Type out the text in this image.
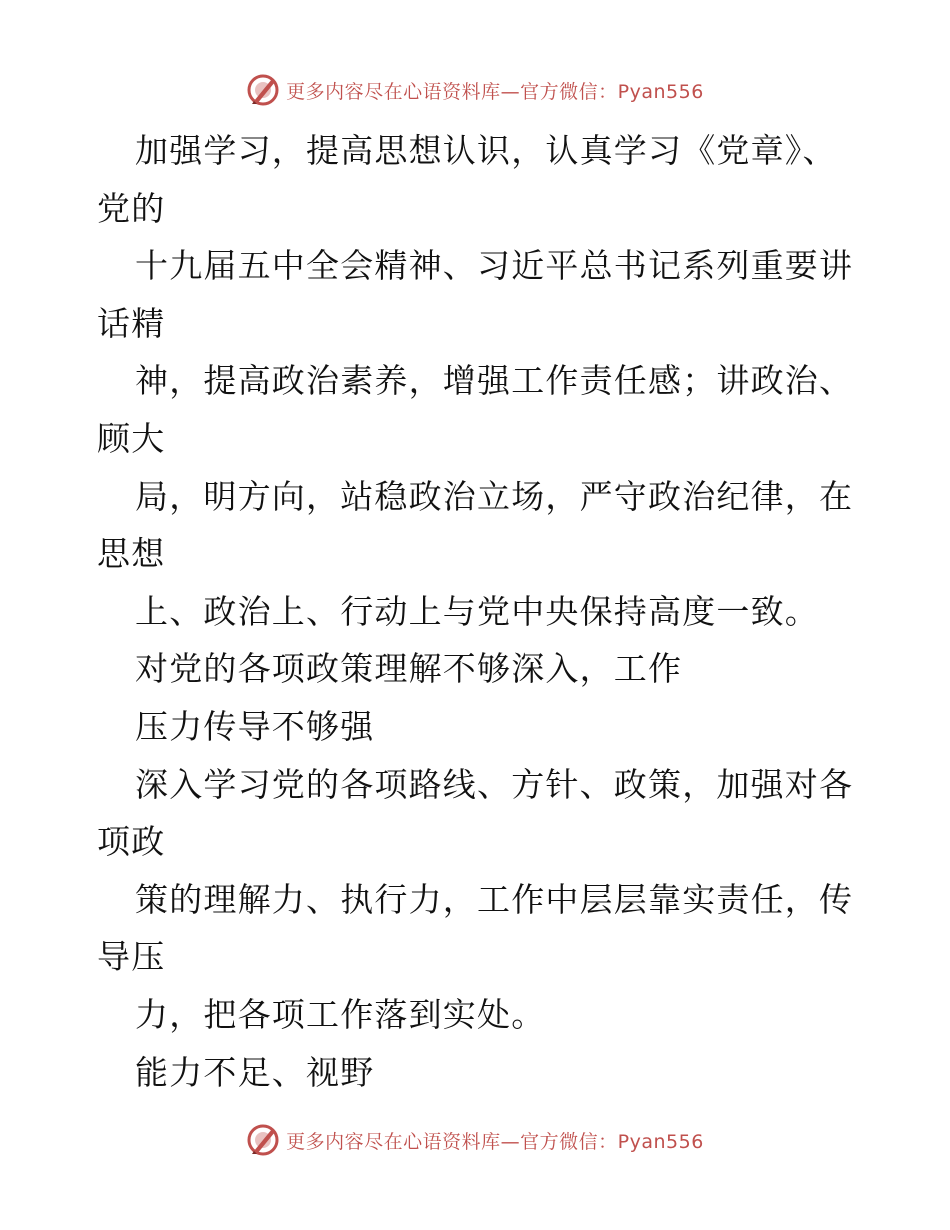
更多内容尽在心语资料库—官方微信：Pyan556

加强学习，提高思想认识，认真学习《党章》、党的

十九届五中全会精神、习近平总书记系列重要讲话精

神，提高政治素养，增强工作责任感；讲政治、顾大

局，明方向，站稳政治立场，严守政治纪律，在思想

上、政治上、行动上与党中央保持高度一致。

对党的各项政策理解不够深入，工作

压力传导不够强

深入学习党的各项路线、方针、政策，加强对各项政

策的理解力、执行力，工作中层层靠实责任，传导压

力，把各项工作落到实处。

能力不足、视野

更多内容尽在心语资料库—官方微信：Pyan556
